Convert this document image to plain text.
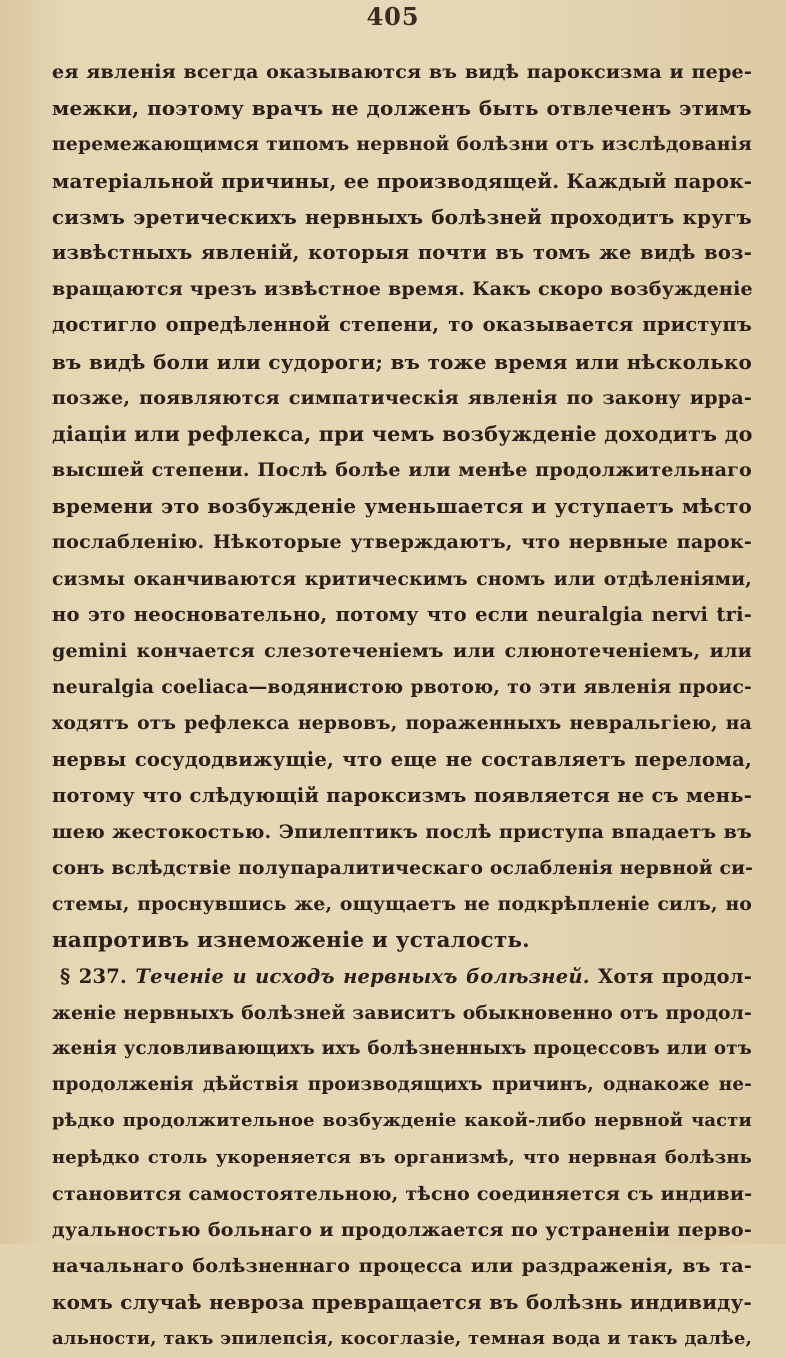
405
ея явленія всегда оказываются въ видѣ пароксизма и пере-
межки, поэтому врачъ не долженъ быть отвлеченъ этимъ
перемежающимся типомъ нервной болѣзни отъ изслѣдованія
матеріальной причины, ее производящей. Каждый парок-
сизмъ эретическихъ нервныхъ болѣзней проходитъ кругъ
извѣстныхъ явленій, которыя почти въ томъ же видѣ воз-
вращаются чрезъ извѣстное время. Какъ скоро возбужденіе
достигло опредѣленной степени, то оказывается приступъ
въ видѣ боли или судороги; въ тоже время или нѣсколько
позже, появляются симпатическія явленія по закону ирра-
діаціи или рефлекса, при чемъ возбужденіе доходитъ до
высшей степени. Послѣ болѣе или менѣе продолжительнаго
времени это возбужденіе уменьшается и уступаетъ мѣсто
послабленію. Нѣкоторые утверждаютъ, что нервные парок-
сизмы оканчиваются критическимъ сномъ или отдѣленіями,
но это неосновательно, потому что если neuralgia nervi tri-
gemini кончается слезотеченіемъ или слюнотеченіемъ, или
neuralgia coeliaca—водянистою рвотою, то эти явленія проис-
ходятъ отъ рефлекса нервовъ, пораженныхъ невральгіею, на
нервы сосудодвижущіе, что еще не составляетъ перелома,
потому что слѣдующій пароксизмъ появляется не съ мень-
шею жестокостью. Эпилептикъ послѣ приступа впадаетъ въ
сонъ вслѣдствіе полупаралитическаго ослабленія нервной си-
стемы, проснувшись же, ощущаетъ не подкрѣпленіе силъ, но
напротивъ изнеможеніе и усталость.
§ 237. Теченіе и исходъ нервныхъ болѣзней. Хотя продол-
женіе нервныхъ болѣзней зависитъ обыкновенно отъ продол-
женія условливающихъ ихъ болѣзненныхъ процессовъ или отъ
продолженія дѣйствія производящихъ причинъ, однакоже не-
рѣдко продолжительное возбужденіе какой-либо нервной части
нерѣдко столь укореняется въ организмѣ, что нервная болѣзнь
становится самостоятельною, тѣсно соединяется съ индиви-
дуальностью больнаго и продолжается по устраненіи перво-
начальнаго болѣзненнаго процесса или раздраженія, въ та-
комъ случаѣ невроза превращается въ болѣзнь индивиду-
альности, такъ эпилепсія, косоглазіе, темная вода и такъ далѣе,
